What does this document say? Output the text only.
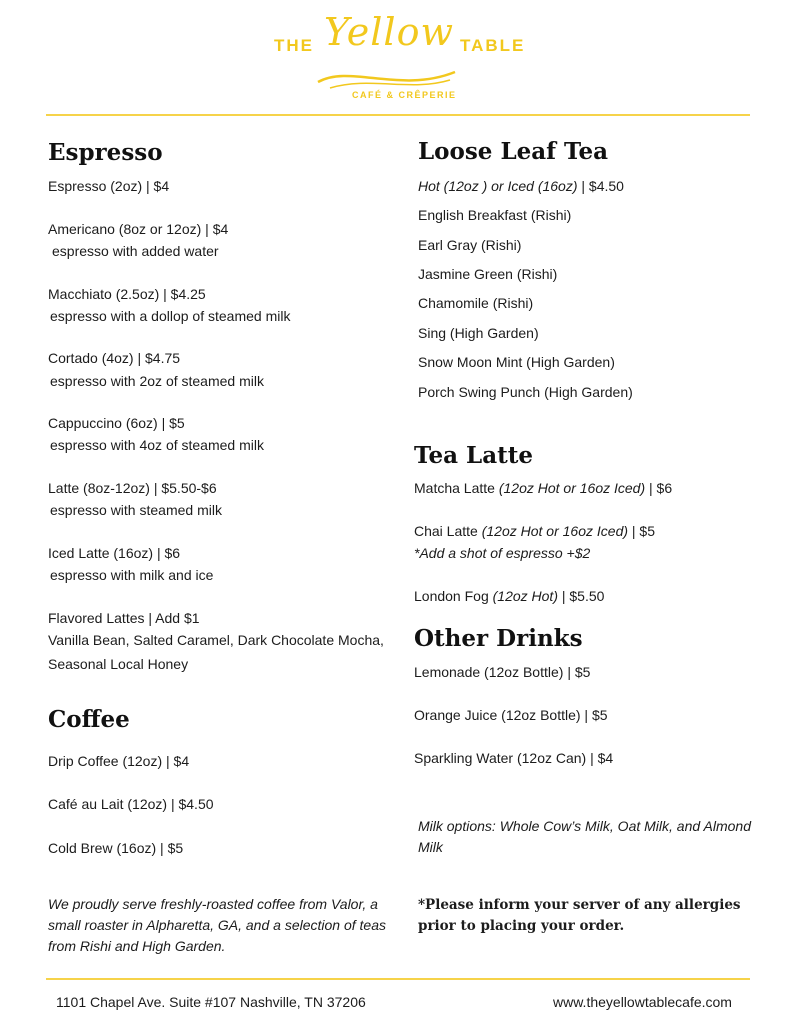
THE Yellow TABLE
CAFÉ & CRÊPERIE
Espresso
Espresso (2oz) | $4
Americano (8oz or 12oz) | $4
espresso with added water
Macchiato (2.5oz) | $4.25
espresso with a dollop of steamed milk
Cortado (4oz) | $4.75
espresso with 2oz of steamed milk
Cappuccino (6oz) | $5
espresso with 4oz of steamed milk
Latte (8oz-12oz) | $5.50-$6
espresso with steamed milk
Iced Latte (16oz) | $6
espresso with milk and ice
Flavored Lattes | Add $1
Vanilla Bean, Salted Caramel, Dark Chocolate Mocha,
Seasonal Local Honey
Coffee
Drip Coffee (12oz) | $4
Café au Lait (12oz) | $4.50
Cold Brew (16oz) | $5
We proudly serve freshly-roasted coffee from Valor, a small roaster in Alpharetta, GA, and a selection of teas from Rishi and High Garden.
Loose Leaf Tea
Hot (12oz ) or Iced (16oz) | $4.50
English Breakfast (Rishi)
Earl Gray (Rishi)
Jasmine Green (Rishi)
Chamomile (Rishi)
Sing (High Garden)
Snow Moon Mint (High Garden)
Porch Swing Punch (High Garden)
Tea Latte
Matcha Latte (12oz Hot or 16oz Iced) | $6
Chai Latte (12oz Hot or 16oz Iced) | $5
*Add a shot of espresso +$2
London Fog (12oz Hot) | $5.50
Other Drinks
Lemonade (12oz Bottle) | $5
Orange Juice (12oz Bottle) | $5
Sparkling Water (12oz Can) | $4
Milk options: Whole Cow’s Milk, Oat Milk, and Almond Milk
*Please inform your server of any allergies prior to placing your order.
1101 Chapel Ave. Suite #107 Nashville, TN 37206	www.theyellowtablecafe.com
